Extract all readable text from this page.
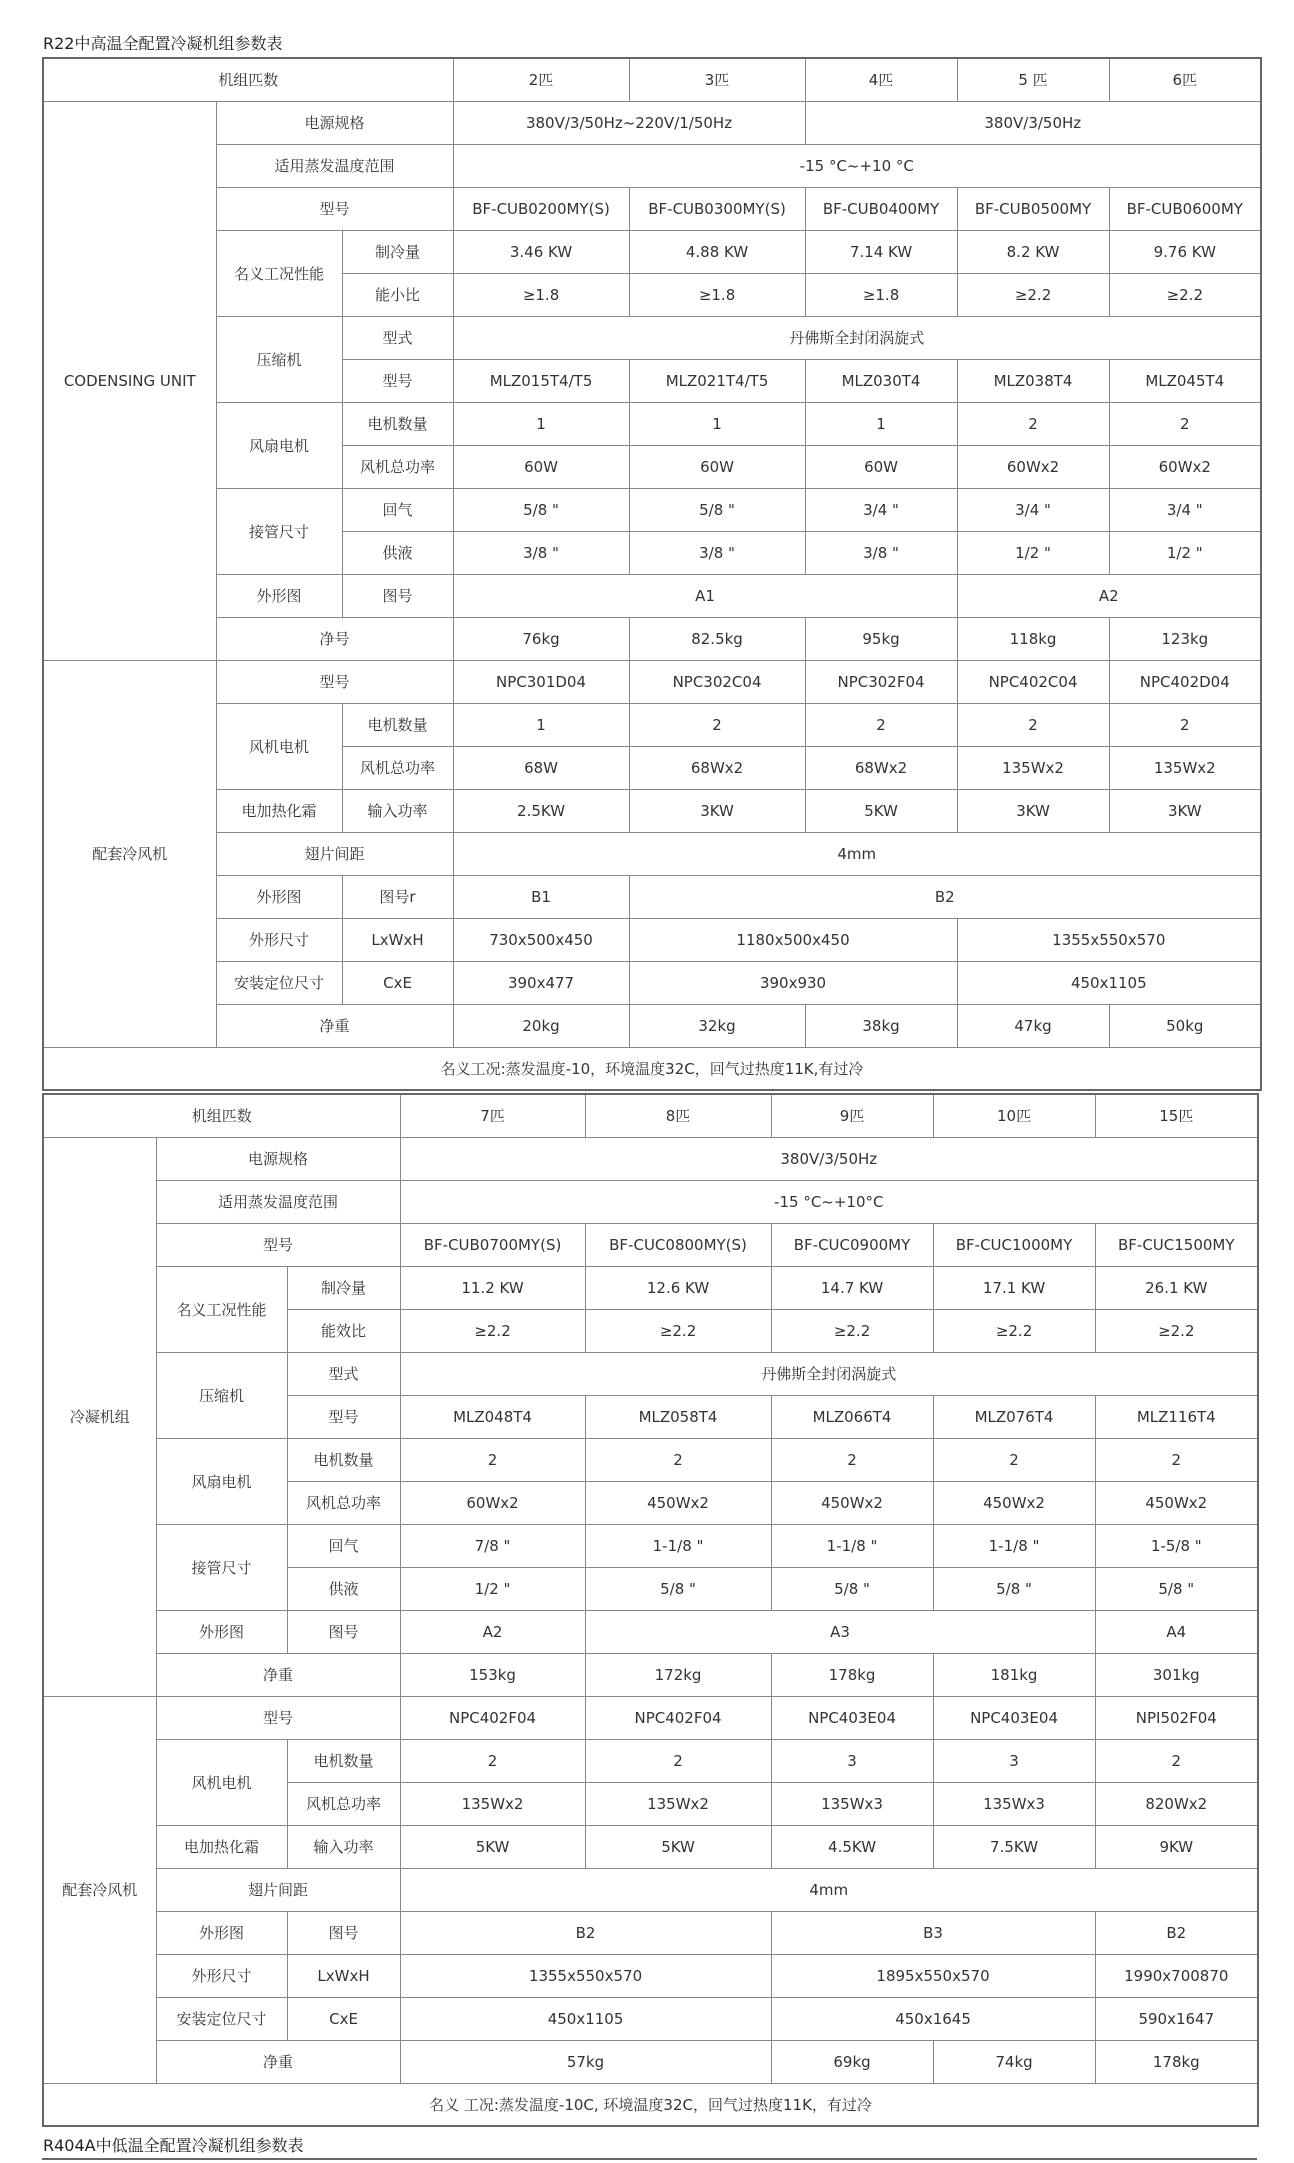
R22中高温全配置冷凝机组参数表
机组匹数			2匹	3匹	4匹	5 匹	6匹
CODENSING UNIT	电源规格		380V/3/50Hz~220V/1/50Hz		380V/3/50Hz		
	适用蒸发温度范围		-15 °C~+10 °C				
	型号		BF-CUB0200MY(S)	BF-CUB0300MY(S)	BF-CUB0400MY	BF-CUB0500MY	BF-CUB0600MY
	名义工况性能	制冷量	3.46 KW	4.88 KW	7.14 KW	8.2 KW	9.76 KW
		能小比	≥1.8	≥1.8	≥1.8	≥2.2	≥2.2
	压缩机	型式	丹佛斯全封闭涡旋式				
		型号	MLZ015T4/T5	MLZ021T4/T5	MLZ030T4	MLZ038T4	MLZ045T4
	风扇电机	电机数量	1	1	1	2	2
		风机总功率	60W	60W	60W	60Wx2	60Wx2
	接管尺寸	回气	5/8 "	5/8 "	3/4 "	3/4 "	3/4 "
		供液	3/8 "	3/8 "	3/8 "	1/2 "	1/2 "
	外形图	图号	A1			A2	
	净号		76kg	82.5kg	95kg	118kg	123kg
配套冷风机	型号		NPC301D04	NPC302C04	NPC302F04	NPC402C04	NPC402D04
	风机电机	电机数量	1	2	2	2	2
		风机总功率	68W	68Wx2	68Wx2	135Wx2	135Wx2
	电加热化霜	输入功率	2.5KW	3KW	5KW	3KW	3KW
	翅片间距		4mm				
	外形图	图号r	B1	B2			
	外形尺寸	LxWxH	730x500x450	1180x500x450		1355x550x570	
	安装定位尺寸	CxE	390x477	390x930		450x1105	
	净重		20kg	32kg	38kg	47kg	50kg
名义工况:蒸发温度-10，环境温度32C，回气过热度11K,有过冷							
机组匹数			7匹	8匹	9匹	10匹	15匹
冷凝机组	电源规格		380V/3/50Hz				
	适用蒸发温度范围		-15 °C~+10°C				
	型号		BF-CUB0700MY(S)	BF-CUC0800MY(S)	BF-CUC0900MY	BF-CUC1000MY	BF-CUC1500MY
	名义工况性能	制冷量	11.2 KW	12.6 KW	14.7 KW	17.1 KW	26.1 KW
		能效比	≥2.2	≥2.2	≥2.2	≥2.2	≥2.2
	压缩机	型式	丹佛斯全封闭涡旋式				
		型号	MLZ048T4	MLZ058T4	MLZ066T4	MLZ076T4	MLZ116T4
	风扇电机	电机数量	2	2	2	2	2
		风机总功率	60Wx2	450Wx2	450Wx2	450Wx2	450Wx2
	接管尺寸	回气	7/8 "	1-1/8 "	1-1/8 "	1-1/8 "	1-5/8 "
		供液	1/2 "	5/8 "	5/8 "	5/8 "	5/8 "
	外形图	图号	A2	A3			A4
	净重		153kg	172kg	178kg	181kg	301kg
配套冷风机	型号		NPC402F04	NPC402F04	NPC403E04	NPC403E04	NPI502F04
	风机电机	电机数量	2	2	3	3	2
		风机总功率	135Wx2	135Wx2	135Wx3	135Wx3	820Wx2
	电加热化霜	输入功率	5KW	5KW	4.5KW	7.5KW	9KW
	翅片间距		4mm				
	外形图	图号	B2		B3		B2
	外形尺寸	LxWxH	1355x550x570		1895x550x570		1990x700870
	安装定位尺寸	CxE	450x1105		450x1645		590x1647
	净重		57kg		69kg	74kg	178kg
名义 工况:蒸发温度-10C, 环境温度32C，回气过热度11K，有过冷							
R404A中低温全配置冷凝机组参数表
